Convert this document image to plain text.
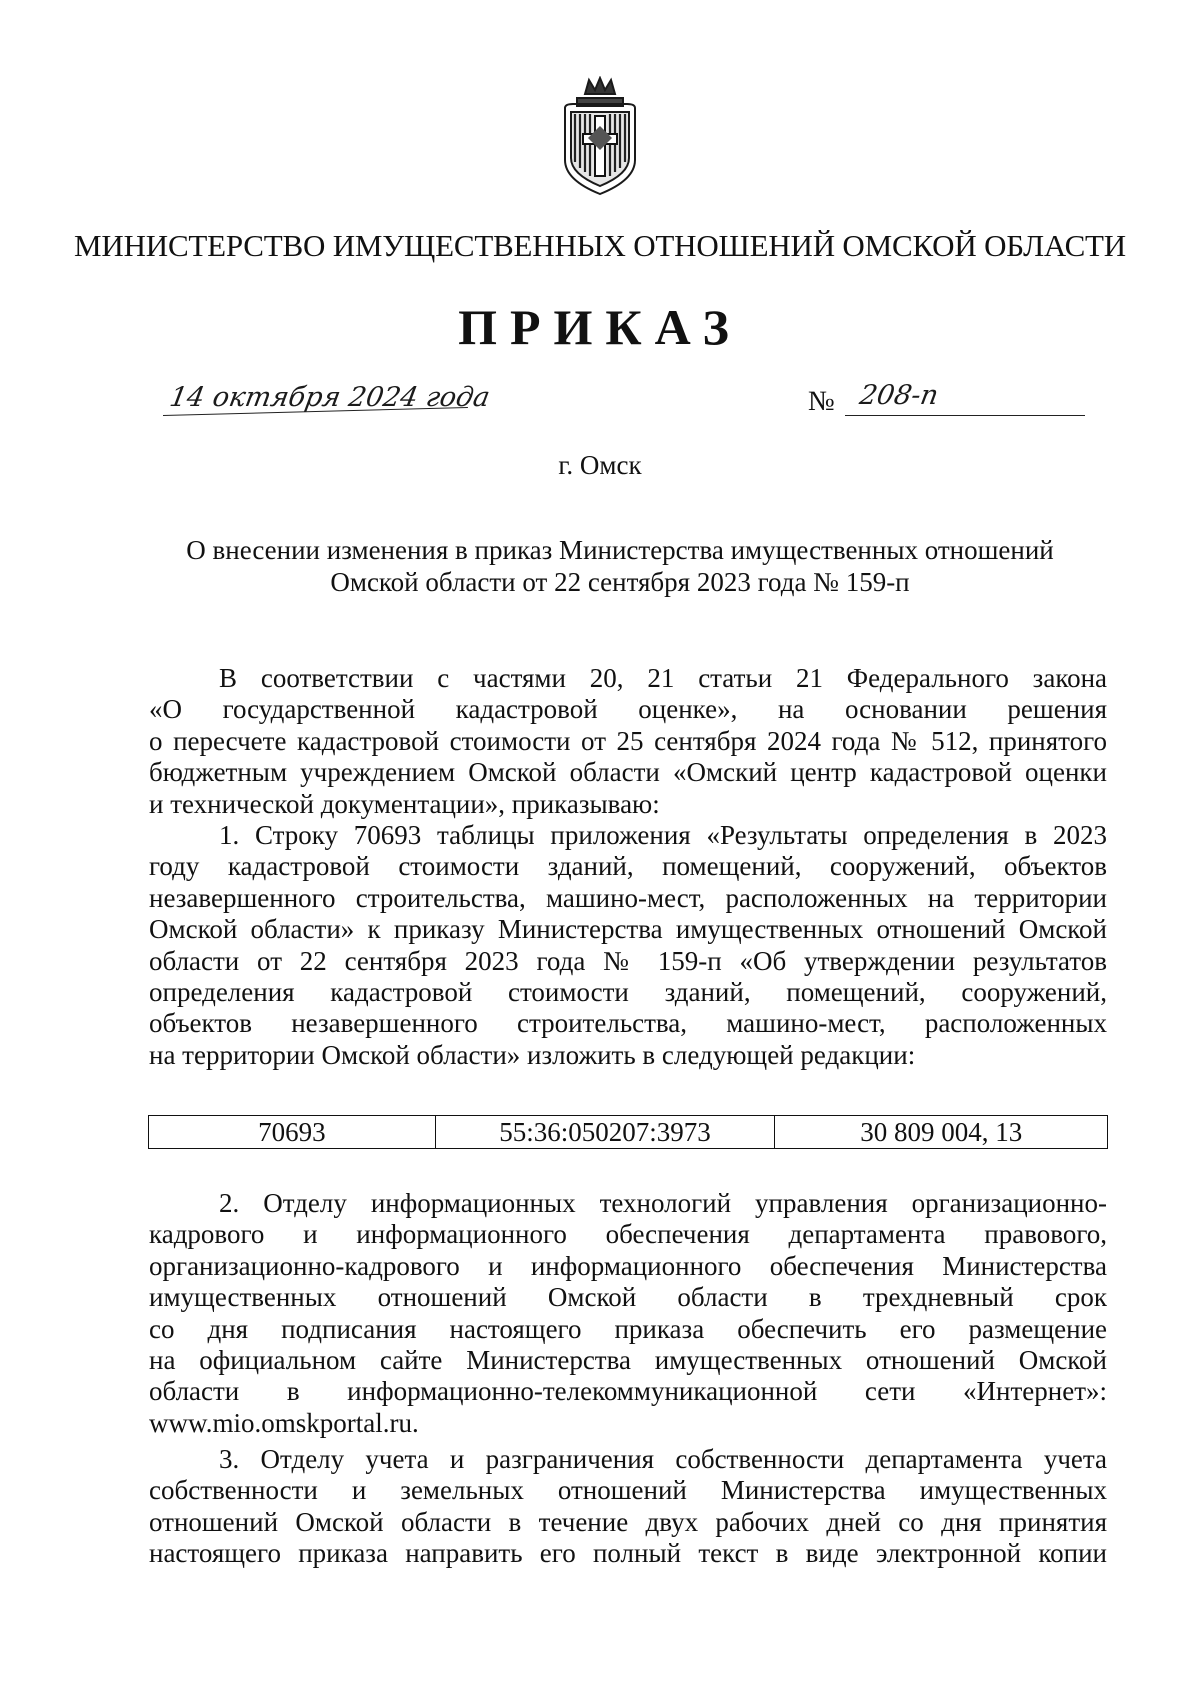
МИНИСТЕРСТВО ИМУЩЕСТВЕННЫХ ОТНОШЕНИЙ ОМСКОЙ ОБЛАСТИ
ПРИКАЗ
14 октября 2024 года	№ 208-п
г. Омск
О внесении изменения в приказ Министерства имущественных отношений
Омской области от 22 сентября 2023 года № 159-п
В соответствии с частями 20, 21 статьи 21 Федерального закона
«О государственной кадастровой оценке», на основании решения
о пересчете кадастровой стоимости от 25 сентября 2024 года № 512, принятого
бюджетным учреждением Омской области «Омский центр кадастровой оценки
и технической документации», приказываю:
1. Строку 70693 таблицы приложения «Результаты определения в 2023
году кадастровой стоимости зданий, помещений, сооружений, объектов
незавершенного строительства, машино-мест, расположенных на территории
Омской области» к приказу Министерства имущественных отношений Омской
области от 22 сентября 2023 года № 159-п «Об утверждении результатов
определения кадастровой стоимости зданий, помещений, сооружений,
объектов незавершенного строительства, машино-мест, расположенных
на территории Омской области» изложить в следующей редакции:
70693	55:36:050207:3973	30 809 004, 13
2. Отделу информационных технологий управления организационно-
кадрового и информационного обеспечения департамента правового,
организационно-кадрового и информационного обеспечения Министерства
имущественных отношений Омской области в трехдневный срок
со дня подписания настоящего приказа обеспечить его размещение
на официальном сайте Министерства имущественных отношений Омской
области в информационно-телекоммуникационной сети «Интернет»:
www.mio.omskportal.ru.
3. Отделу учета и разграничения собственности департамента учета
собственности и земельных отношений Министерства имущественных
отношений Омской области в течение двух рабочих дней со дня принятия
настоящего приказа направить его полный текст в виде электронной копии
